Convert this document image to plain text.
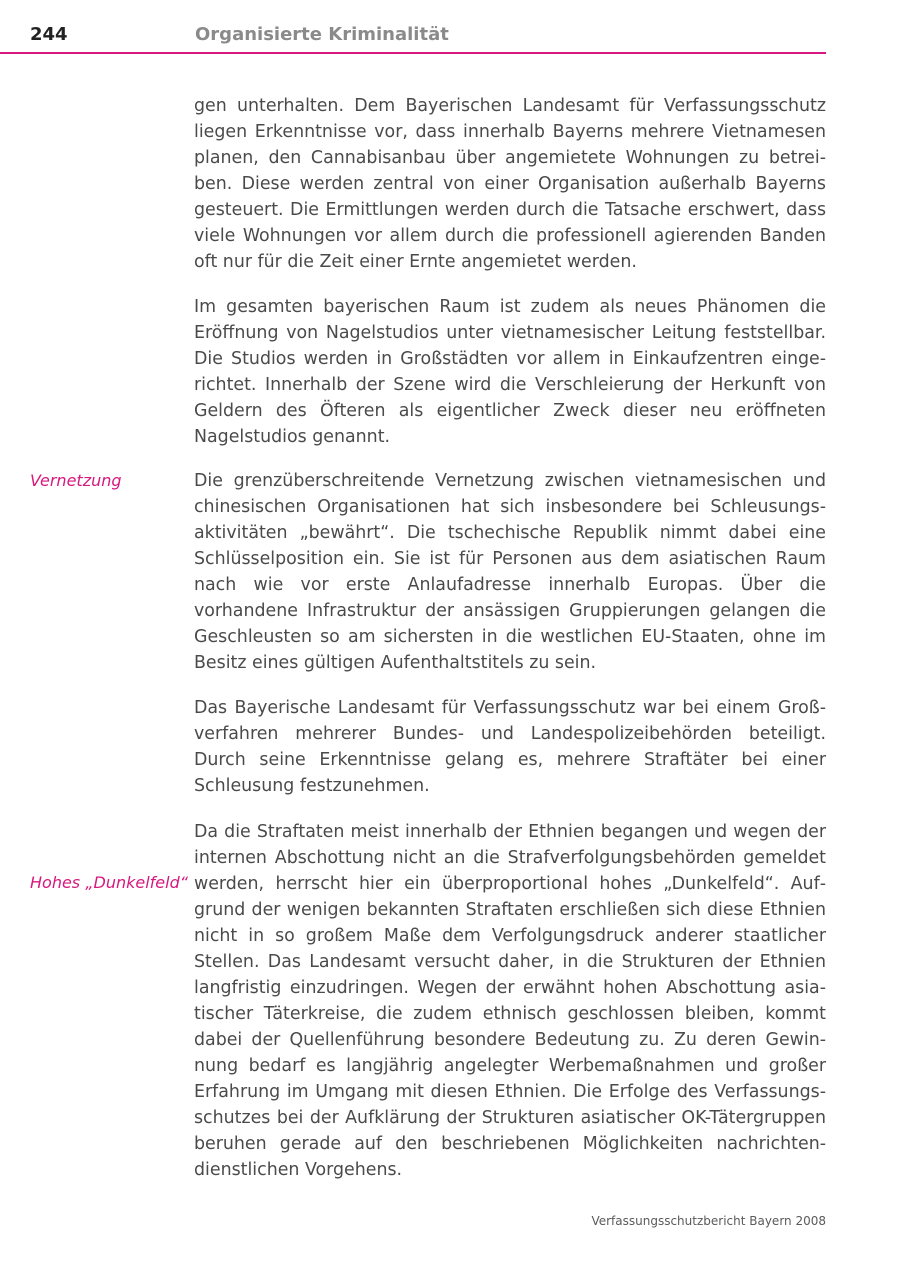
244	Organisierte Kriminalität

gen unterhalten. Dem Bayerischen Landesamt für Verfassungsschutz liegen Erkenntnisse vor, dass innerhalb Bayerns mehrere Vietnamesen planen, den Cannabisanbau über angemietete Wohnungen zu betreiben. Diese werden zentral von einer Organisation außerhalb Bayerns gesteuert. Die Ermittlungen werden durch die Tatsache erschwert, dass viele Wohnungen vor allem durch die professionell agierenden Banden oft nur für die Zeit einer Ernte angemietet werden.

Im gesamten bayerischen Raum ist zudem als neues Phänomen die Eröffnung von Nagelstudios unter vietnamesischer Leitung feststellbar. Die Studios werden in Großstädten vor allem in Einkaufzentren eingerichtet. Innerhalb der Szene wird die Verschleierung der Herkunft von Geldern des Öfteren als eigentlicher Zweck dieser neu eröffneten Nagelstudios genannt.

Vernetzung	Die grenzüberschreitende Vernetzung zwischen vietnamesischen und chinesischen Organisationen hat sich insbesondere bei Schleusungsaktivitäten „bewährt“. Die tschechische Republik nimmt dabei eine Schlüsselposition ein. Sie ist für Personen aus dem asiatischen Raum nach wie vor erste Anlaufadresse innerhalb Europas. Über die vorhandene Infrastruktur der ansässigen Gruppierungen gelangen die Geschleusten so am sichersten in die westlichen EU-Staaten, ohne im Besitz eines gültigen Aufenthaltstitels zu sein.

Das Bayerische Landesamt für Verfassungsschutz war bei einem Großverfahren mehrerer Bundes- und Landespolizeibehörden beteiligt. Durch seine Erkenntnisse gelang es, mehrere Straftäter bei einer Schleusung festzunehmen.

Hohes „Dunkelfeld“

Da die Straftaten meist innerhalb der Ethnien begangen und wegen der internen Abschottung nicht an die Strafverfolgungsbehörden gemeldet werden, herrscht hier ein überproportional hohes „Dunkelfeld“. Aufgrund der wenigen bekannten Straftaten erschließen sich diese Ethnien nicht in so großem Maße dem Verfolgungsdruck anderer staatlicher Stellen. Das Landesamt versucht daher, in die Strukturen der Ethnien langfristig einzudringen. Wegen der erwähnt hohen Abschottung asiatischer Täterkreise, die zudem ethnisch geschlossen bleiben, kommt dabei der Quellenführung besondere Bedeutung zu. Zu deren Gewinnung bedarf es langjährig angelegter Werbemaßnahmen und großer Erfahrung im Umgang mit diesen Ethnien. Die Erfolge des Verfassungsschutzes bei der Aufklärung der Strukturen asiatischer OK-Tätergruppen beruhen gerade auf den beschriebenen Möglichkeiten nachrichtendienstlichen Vorgehens.

Verfassungsschutzbericht Bayern 2008
